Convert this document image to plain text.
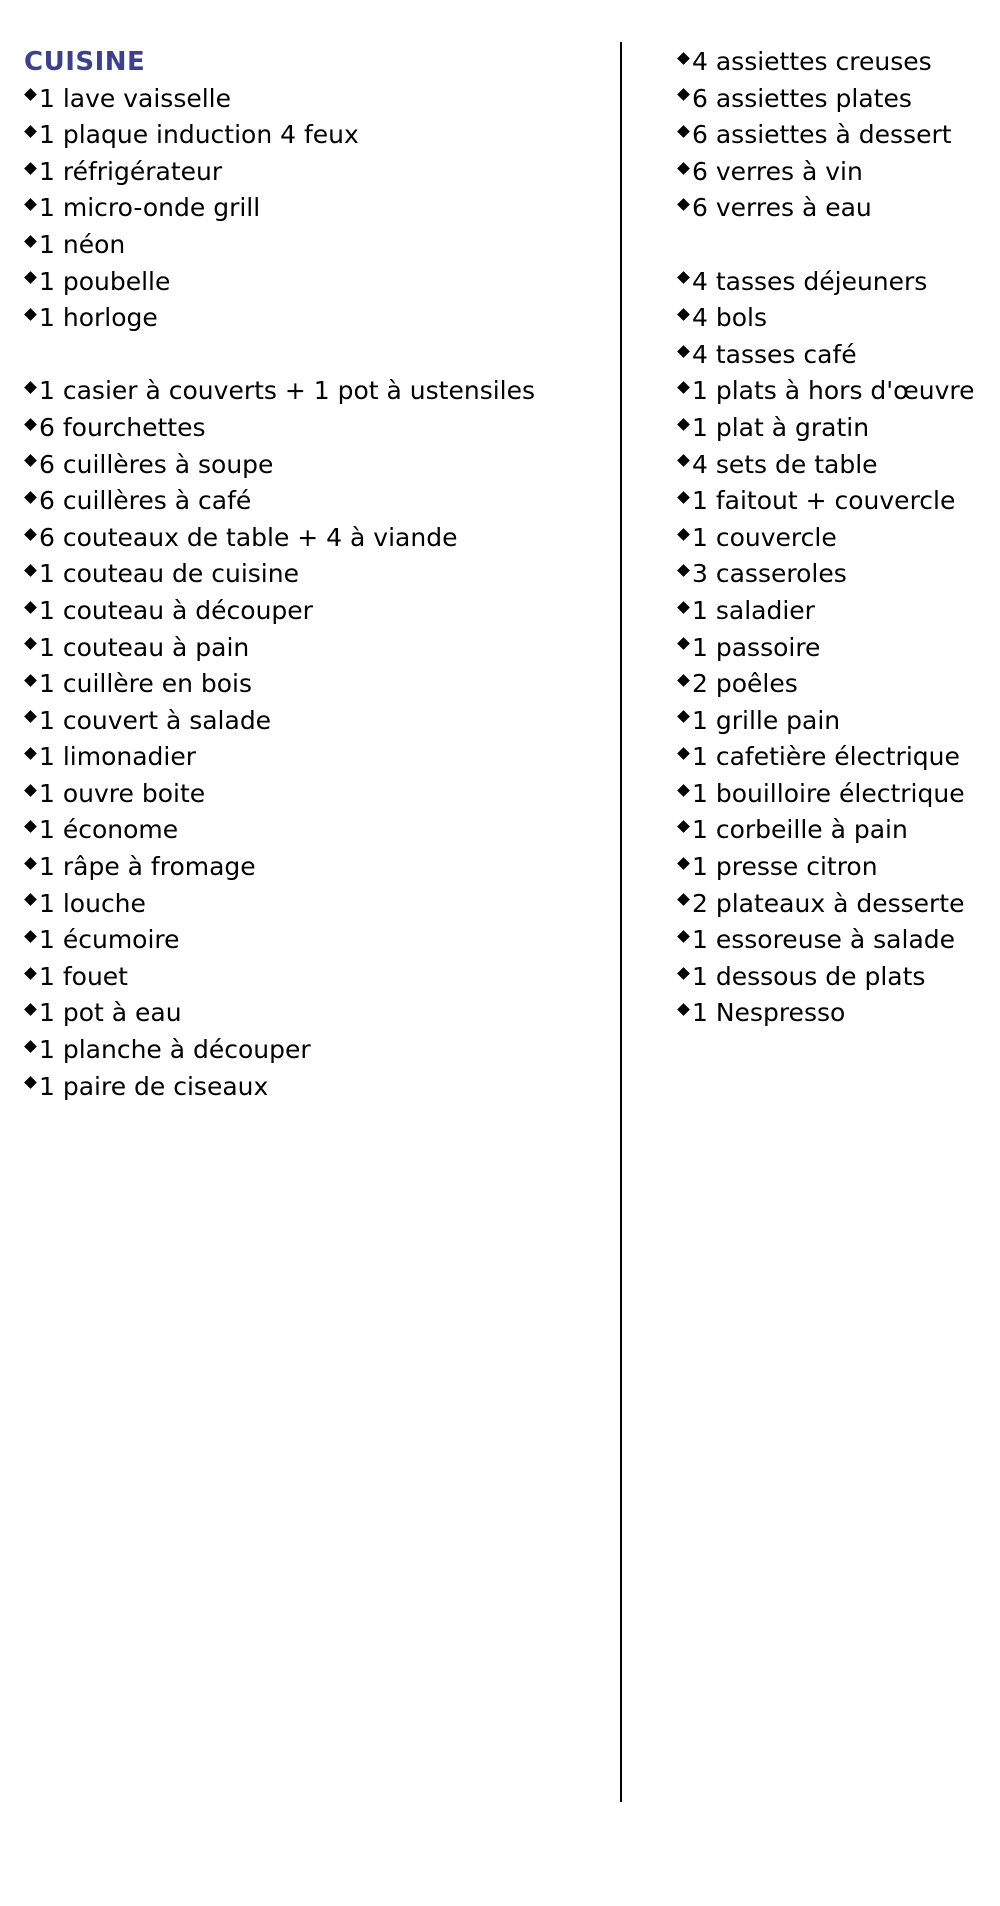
CUISINE
1 lave vaisselle
1 plaque induction 4 feux
1 réfrigérateur
1 micro-onde grill
1 néon
1 poubelle
1 horloge
1 casier à couverts + 1 pot à ustensiles
6 fourchettes
6 cuillères à soupe
6 cuillères à café
6 couteaux de table + 4 à viande
1 couteau de cuisine
1 couteau à découper
1 couteau à pain
1 cuillère en bois
1 couvert à salade
1 limonadier
1 ouvre boite
1 économe
1 râpe à fromage
1 louche
1 écumoire
1 fouet
1 pot à eau
1 planche à découper
1 paire de ciseaux
4 assiettes creuses
6 assiettes plates
6 assiettes à dessert
6 verres à vin
6 verres à eau
4 tasses déjeuners
4 bols
4 tasses café
1 plats à hors d'œuvre
1 plat à gratin
4 sets de table
1 faitout + couvercle
1 couvercle
3 casseroles
1 saladier
1 passoire
2 poêles
1 grille pain
1 cafetière électrique
1 bouilloire électrique
1 corbeille à pain
1 presse citron
2 plateaux à desserte
1 essoreuse à salade
1 dessous de plats
1 Nespresso
